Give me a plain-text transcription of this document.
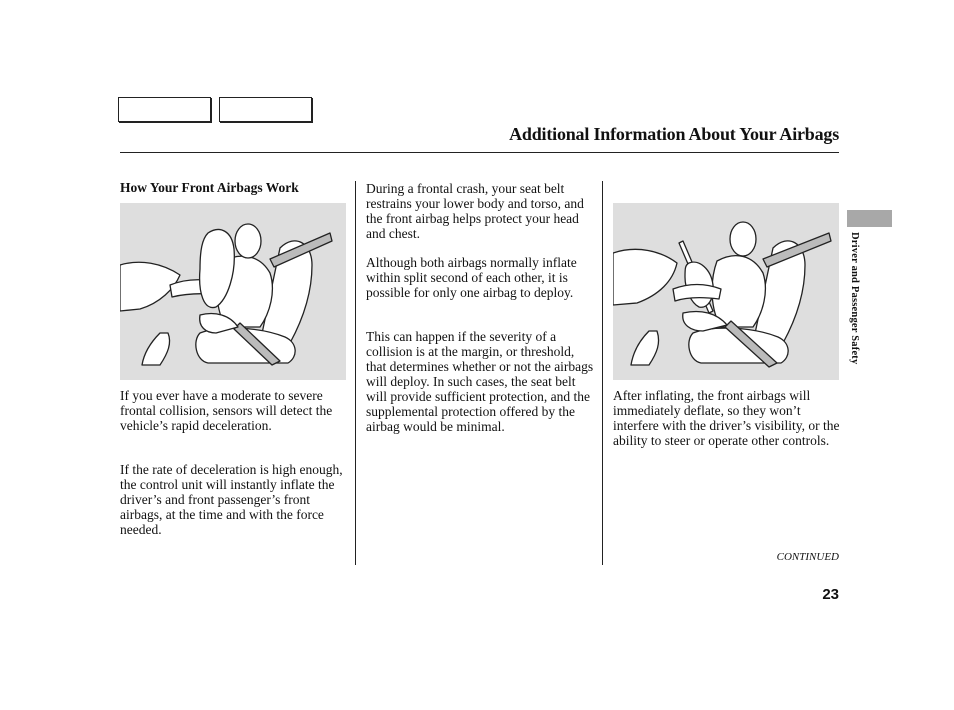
Additional Information About Your Airbags
How Your Front Airbags Work

If you ever have a moderate to severe frontal collision, sensors will detect the vehicle’s rapid deceleration.

If the rate of deceleration is high enough, the control unit will instantly inflate the driver’s and front passenger’s front airbags, at the time and with the force needed.

During a frontal crash, your seat belt restrains your lower body and torso, and the front airbag helps protect your head and chest.

Although both airbags normally inflate within split second of each other, it is possible for only one airbag to deploy.

This can happen if the severity of a collision is at the margin, or threshold, that determines whether or not the airbags will deploy. In such cases, the seat belt will provide sufficient protection, and the supplemental protection offered by the airbag would be minimal.

After inflating, the front airbags will immediately deflate, so they won’t interfere with the driver’s visibility, or the ability to steer or operate other controls.

Driver and Passenger Safety
CONTINUED
23
